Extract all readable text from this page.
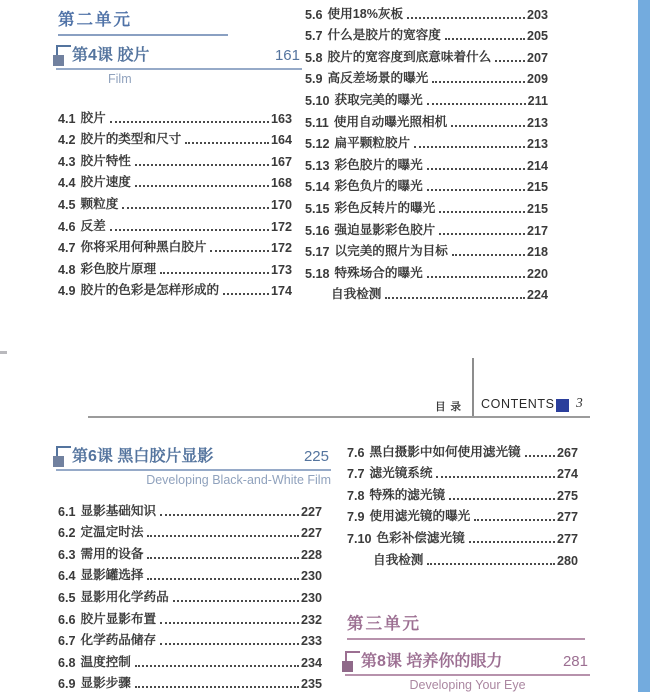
第二单元
第4课 胶片	161
Film
4.1 胶片	163
4.2 胶片的类型和尺寸	164
4.3 胶片特性	167
4.4 胶片速度	168
4.5 颗粒度	170
4.6 反差	172
4.7 你将采用何种黑白胶片	172
4.8 彩色胶片原理	173
4.9 胶片的色彩是怎样形成的	174
5.6 使用18%灰板	203
5.7 什么是胶片的宽容度	205
5.8 胶片的宽容度到底意味着什么	207
5.9 高反差场景的曝光	209
5.10 获取完美的曝光	211
5.11 使用自动曝光照相机	213
5.12 扁平颗粒胶片	213
5.13 彩色胶片的曝光	214
5.14 彩色负片的曝光	215
5.15 彩色反转片的曝光	215
5.16 强迫显影彩色胶片	217
5.17 以完美的照片为目标	218
5.18 特殊场合的曝光	220
自我检测	224
目 录 CONTENTS 3
第6课 黑白胶片显影	225
Developing Black-and-White Film
6.1 显影基础知识	227
6.2 定温定时法	227
6.3 需用的设备	228
6.4 显影罐选择	230
6.5 显影用化学药品	230
6.6 胶片显影布置	232
6.7 化学药品储存	233
6.8 温度控制	234
6.9 显影步骤	235
7.6 黑白摄影中如何使用滤光镜	267
7.7 滤光镜系统	274
7.8 特殊的滤光镜	275
7.9 使用滤光镜的曝光	277
7.10 色彩补偿滤光镜	277
自我检测	280
第三单元
第8课 培养你的眼力	281
Developing Your Eye
